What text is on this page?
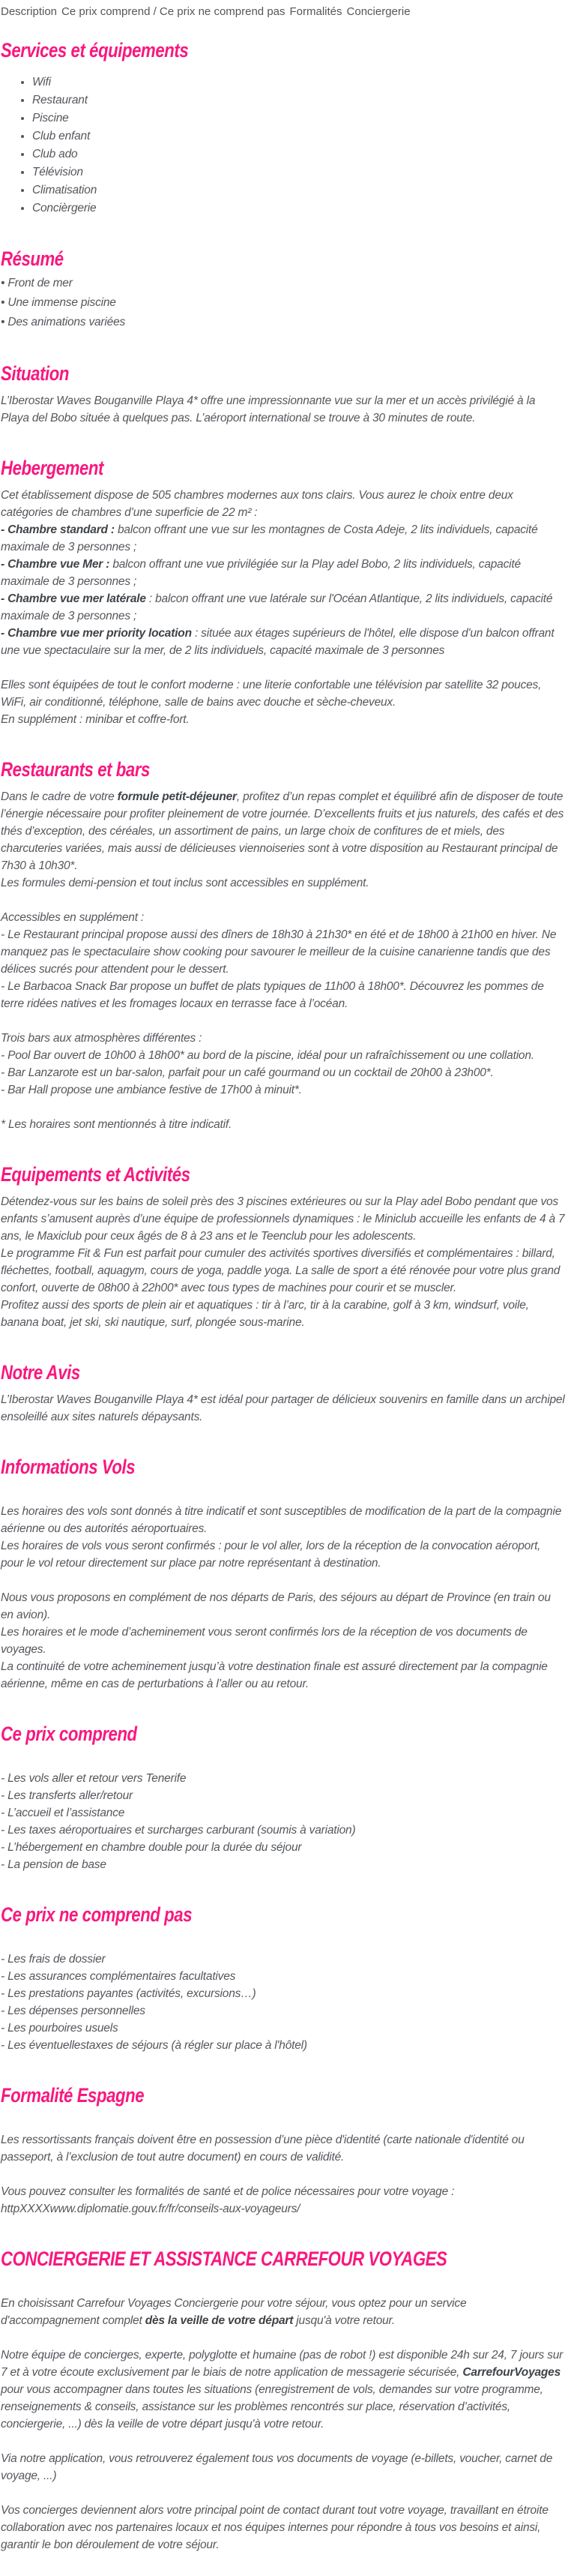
Description Ce prix comprend / Ce prix ne comprend pas Formalités Conciergerie
Services et équipements
• Wifi
• Restaurant
• Piscine
• Club enfant
• Club ado
• Télévision
• Climatisation
• Concièrgerie
Résumé

• Front de mer

• Une immense piscine

• Des animations variées

Situation

L’Iberostar Waves Bouganville Playa 4* offre une impressionnante vue sur la mer et un accès privilégié à la Playa del Bobo située à quelques pas. L’aéroport international se trouve à 30 minutes de route.

Hebergement

Cet établissement dispose de 505 chambres modernes aux tons clairs. Vous aurez le choix entre deux catégories de chambres d’une superficie de 22 m² :

- Chambre standard : balcon offrant une vue sur les montagnes de Costa Adeje, 2 lits individuels, capacité maximale de 3 personnes ;

- Chambre vue Mer : balcon offrant une vue privilégiée sur la Play adel Bobo, 2 lits individuels, capacité maximale de 3 personnes ;

- Chambre vue mer latérale : balcon offrant une vue latérale sur l'Océan Atlantique, 2 lits individuels, capacité maximale de 3 personnes ;

- Chambre vue mer priority location : située aux étages supérieurs de l'hôtel, elle dispose d'un balcon offrant une vue spectaculaire sur la mer, de 2 lits individuels, capacité maximale de 3 personnes

Elles sont équipées de tout le confort moderne : une literie confortable une télévision par satellite 32 pouces, WiFi, air conditionné, téléphone, salle de bains avec douche et sèche-cheveux.

En supplément : minibar et coffre-fort.

Restaurants et bars

Dans le cadre de votre formule petit-déjeuner, profitez d’un repas complet et équilibré afin de disposer de toute l’énergie nécessaire pour profiter pleinement de votre journée. D’excellents fruits et jus naturels, des cafés et des thés d’exception, des céréales, un assortiment de pains, un large choix de confitures de et miels, des charcuteries variées, mais aussi de délicieuses viennoiseries sont à votre disposition au Restaurant principal de 7h30 à 10h30*.

Les formules demi-pension et tout inclus sont accessibles en supplément.

Accessibles en supplément :

- Le Restaurant principal propose aussi des dîners de 18h30 à 21h30* en été et de 18h00 à 21h00 en hiver. Ne manquez pas le spectaculaire show cooking pour savourer le meilleur de la cuisine canarienne tandis que des délices sucrés pour attendent pour le dessert.

- Le Barbacoa Snack Bar propose un buffet de plats typiques de 11h00 à 18h00*. Découvrez les pommes de terre ridées natives et les fromages locaux en terrasse face à l’océan.

Trois bars aux atmosphères différentes :

- Pool Bar ouvert de 10h00 à 18h00* au bord de la piscine, idéal pour un rafraîchissement ou une collation.

- Bar Lanzarote est un bar-salon, parfait pour un café gourmand ou un cocktail de 20h00 à 23h00*.

- Bar Hall propose une ambiance festive de 17h00 à minuit*.

* Les horaires sont mentionnés à titre indicatif.

Equipements et Activités

Détendez-vous sur les bains de soleil près des 3 piscines extérieures ou sur la Play adel Bobo pendant que vos enfants s’amusent auprès d’une équipe de professionnels dynamiques : le Miniclub accueille les enfants de 4 à 7 ans, le Maxiclub pour ceux âgés de 8 à 23 ans et le Teenclub pour les adolescents.

Le programme Fit & Fun est parfait pour cumuler des activités sportives diversifiés et complémentaires : billard, fléchettes, football, aquagym, cours de yoga, paddle yoga. La salle de sport a été rénovée pour votre plus grand confort, ouverte de 08h00 à 22h00* avec tous types de machines pour courir et se muscler.

Profitez aussi des sports de plein air et aquatiques : tir à l’arc, tir à la carabine, golf à 3 km, windsurf, voile, banana boat, jet ski, ski nautique, surf, plongée sous-marine.

Notre Avis

L’Iberostar Waves Bouganville Playa 4* est idéal pour partager de délicieux souvenirs en famille dans un archipel ensoleillé aux sites naturels dépaysants.

Informations Vols

Les horaires des vols sont donnés à titre indicatif et sont susceptibles de modification de la part de la compagnie aérienne ou des autorités aéroportuaires.

Les horaires de vols vous seront confirmés : pour le vol aller, lors de la réception de la convocation aéroport, pour le vol retour directement sur place par notre représentant à destination.

Nous vous proposons en complément de nos départs de Paris, des séjours au départ de Province (en train ou en avion).

Les horaires et le mode d’acheminement vous seront confirmés lors de la réception de vos documents de voyages.

La continuité de votre acheminement jusqu’à votre destination finale est assuré directement par la compagnie aérienne, même en cas de perturbations à l’aller ou au retour.

Ce prix comprend

- Les vols aller et retour vers Tenerife

- Les transferts aller/retour

- L’accueil et l’assistance

- Les taxes aéroportuaires et surcharges carburant (soumis à variation)

- L’hébergement en chambre double pour la durée du séjour

- La pension de base

Ce prix ne comprend pas

- Les frais de dossier

- Les assurances complémentaires facultatives

- Les prestations payantes (activités, excursions…)

- Les dépenses personnelles

- Les pourboires usuels

- Les éventuellestaxes de séjours (à régler sur place à l'hôtel)

Formalité Espagne

Les ressortissants français doivent être en possession d’une pièce d'identité (carte nationale d'identité ou passeport, à l’exclusion de tout autre document) en cours de validité.

Vous pouvez consulter les formalités de santé et de police nécessaires pour votre voyage :

httpXXXXwww.diplomatie.gouv.fr/fr/conseils-aux-voyageurs/

CONCIERGERIE ET ASSISTANCE CARREFOUR VOYAGES

En choisissant Carrefour Voyages Conciergerie pour votre séjour, vous optez pour un service d'accompagnement complet dès la veille de votre départ jusqu'à votre retour.

Notre équipe de concierges, experte, polyglotte et humaine (pas de robot !) est disponible 24h sur 24, 7 jours sur 7 et à votre écoute exclusivement par le biais de notre application de messagerie sécurisée, CarrefourVoyages pour vous accompagner dans toutes les situations (enregistrement de vols, demandes sur votre programme, renseignements & conseils, assistance sur les problèmes rencontrés sur place, réservation d’activités, conciergerie, ...) dès la veille de votre départ jusqu'à votre retour.

Via notre application, vous retrouverez également tous vos documents de voyage (e-billets, voucher, carnet de voyage, ...)

Vos concierges deviennent alors votre principal point de contact durant tout votre voyage, travaillant en étroite collaboration avec nos partenaires locaux et nos équipes internes pour répondre à tous vos besoins et ainsi, garantir le bon déroulement de votre séjour.
